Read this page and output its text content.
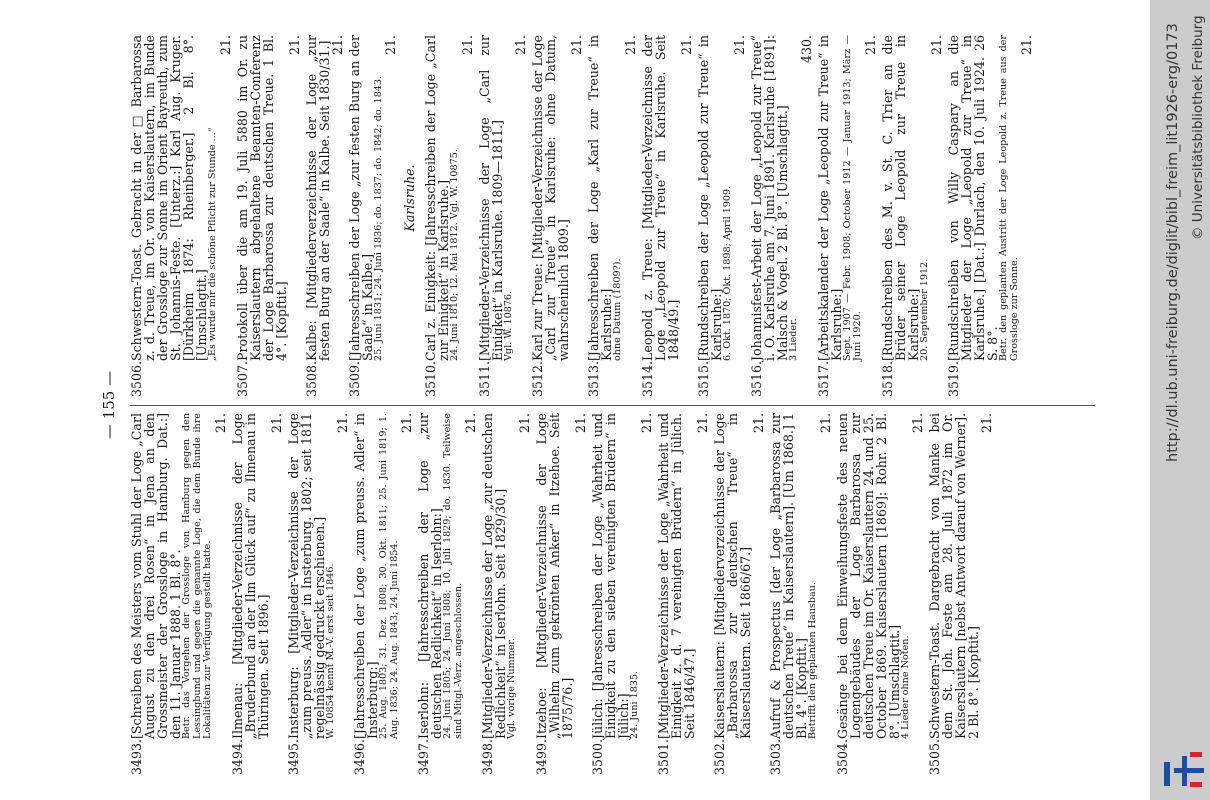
— 155 —
3493.
[Schreiben des Meisters vom Stuhl der Loge „Carl August zu den drei Rosen“ in Jena an den Grossmeister der Grossloge in Hamburg. Dat.:] den 11. Januar 1888. 1 Bl. 8°.
Betr. das Vorgehen der Grossloge von Hamburg gegen den Lessingbund und gegen die genannte Loge, die dem Bunde ihre Lokalitäten zur Verfügung gestellt hatte.
21.
3494.
Ilmenau: [Mitglieder-Verzeichnisse der Loge „Bruderbund an der Ilm Glück auf“ zu Ilmenau in Thüringen. Seit 1896.]
21.
3495.
Insterburg: [Mitglieder-Verzeichnisse der Loge „zum preuss. Adler“ in Insterburg. 1802; seit 1811 regelmässig gedruckt erschienen.]
W. 10854 kennt M.-V. erst seit 1846.
21.
3496.
[Jahresschreiben der Loge „zum preuss. Adler“ in Insterburg:]
25. Aug. 1803; 31. Dez. 1808; 30. Okt. 1811; 25. Juni 1819; 1. Aug. 1836; 24. Aug. 1843; 24. Juni 1854.
21.
3497.
Iserlohn: [Jahresschreiben der Loge „zur deutschen Redlichkeit“ in Iserlohn:]
24. Juni 1805; 24. Juni 1808; 10. Juli 1829; do. 1830. Teilweise sind Mitgl.-Verz. angeschlossen.
21.
3498.
[Mitglieder-Verzeichnisse der Loge „zur deutschen Redlichkeit“ in Iserlohn. Seit 1829/30.]
Vgl. vorige Nummer.
21.
3499.
Itzehoe: [Mitglieder-Verzeichnisse der Loge „Wilhelm zum gekrönten Anker“ in Itzehoe. Seit 1875/76.]
21.
3500.
Jülich: [Jahresschreiben der Loge „Wahrheit und Einigkeit zu den sieben vereinigten Brüdern“ in Jülich:]
24. Juni 1835.
21.
3501.
[Mitglieder-Verzeichnisse der Loge „Wahrheit und Einigkeit z. d. 7 vereinigten Brüdern“ in Jülich. Seit 1846/47.]
21.
3502.
Kaiserslautern: [Mitgliederverzeichnisse der Loge „Barbarossa zur deutschen Treue“ in Kaiserslautern. Seit 1866/67.]
21.
3503.
Aufruf & Prospectus [der Loge „Barbarossa zur deutschen Treue“ in Kaiserslautern]. [Um 1868.] 1 Bl. 4°. [Kopftit.]
Betrifft den geplanten Hausbau.
21.
3504.
Gesänge bei dem Einweihungsfeste des neuen Logengebäudes der Loge Barbarossa zur deutschen Treue im Or. Kaiserslautern 24. und 25. October 1869. Kaiserslautern [1869]: Rohr. 2 Bl. 8°. [Umschlagtit.]
4 Lieder ohne Noten.
21.
3505.
Schwestern-Toast. Dargebracht von Manke bei dem St. Joh. Feste am 28. Juli 1872 im Or. Kaiserslautern [nebst Antwort darauf von Werner]. 2 Bl. 8°. [Kopftit.]
21.
3506.
Schwestern-Toast. Gebracht in der □ Barbarossa z. d. Treue, im Or. von Kaiserslautern, im Bunde der Grossloge zur Sonne im Orient Bayreuth, zum St. Johannis-Feste. [Unterz.:] Karl Aug. Kruger. [Dürkheim 1874: Rheinberger.] 2 Bl. 8°. [Umschlagtit.]
„Es wurde mir die schöne Pflicht zur Stunde ...“
21.
3507.
Protokoll über die am 19. Juli 5880 im Or. zu Kaiserslautern abgehaltene Beamten-Conferenz der Loge Barbarossa zur deutschen Treue. 1 Bl. 4°. [Kopftit.]
21.
3508.
Kalbe: [Mitgliederverzeichnisse der Loge „zur festen Burg an der Saale“ in Kalbe. Seit 1830/31.]
21.
3509.
[Jahresschreiben der Loge „zur festen Burg an der Saale“ in Kalbe.]
25. Juni 1831; 24. Juni 1836; do. 1837; do. 1842; do. 1843.
21.
Karlsruhe.
3510.
Carl z. Einigkeit: [Jahresschreiben der Loge „Carl zur Einigkeit“ in Karlsruhe.]
24. Juni 1810; 12. Mai 1812. Vgl. W. 10875.
21.
3511.
[Mitglieder-Verzeichnisse der Loge „Carl zur Einigkeit“ in Karlsruhe. 1809—1811.]
Vgl. W. 10876.
21.
3512.
Karl zur Treue: [Mitglieder-Verzeichnisse der Loge „Carl zur Treue“ in Karlsruhe: ohne Datum, wahrscheinlich 1809.]
21.
3513.
[Jahresschreiben der Loge „Karl zur Treue“ in Karlsruhe:]
ohne Datum (1809?).
21.
3514.
Leopold z. Treue: [Mitglieder-Verzeichnisse der Loge „Leopold zur Treue“ in Karlsruhe. Seit 1848/49.]
21.
3515.
[Rundschreiben der Loge „Leopold zur Treue“ in Karlsruhe:]
6. Okt. 1870; Okt. 1898; April 1909.
21.
3516.
Johannisfest-Arbeit der Loge „Leopold zur Treue“ i. O. Karlsruhe am 7. Juni 1891. Karlsruhe [1891]: Malsch & Vogel. 2 Bl. 8°. [Umschlagtit.]
3 Lieder.
430.
3517.
[Arbeitskalender der Loge „Leopold zur Treue“ in Karlsruhe:]
Sept. 1907 — Febr. 1908; October 1912 — Januar 1913; März — Juni 1920.
21.
3518.
[Rundschreiben des M. v. St. C. Trier an die Brüder seiner Loge Leopold zur Treue in Karlsruhe:]
20. September 1912.
21.
3519.
[Rundschreiben von Willy Caspary an die Mitglieder der Loge „Leopold zur Treue“ in Karlsruhe.] [Dat.:] Durlach, den 10. Juli 1924. 26 S. 8°.
Betr. den geplanten Austritt der Loge Leopold z. Treue aus der Grossloge zur Sonne.
21.	http://dl.ub.uni-freiburg.de/diglit/bibl_freim_lit1926-erg/0173 © Universitätsbibliothek Freiburg
